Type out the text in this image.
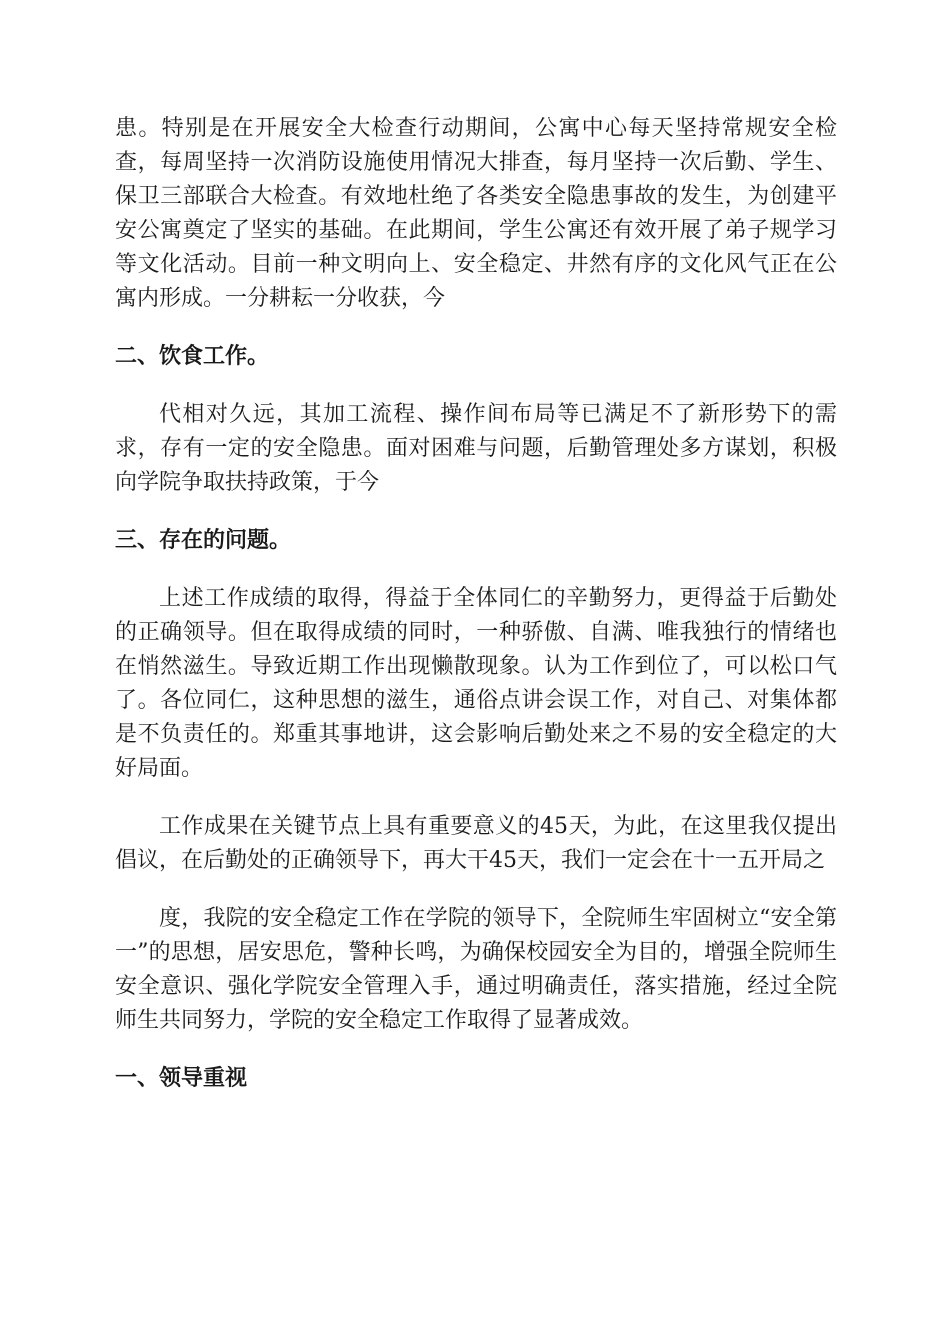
患。特别是在开展安全大检查行动期间，公寓中心每天坚持常规安全检查，每周坚持一次消防设施使用情况大排查，每月坚持一次后勤、学生、保卫三部联合大检查。有效地杜绝了各类安全隐患事故的发生，为创建平安公寓奠定了坚实的基础。在此期间，学生公寓还有效开展了弟子规学习等文化活动。目前一种文明向上、安全稳定、井然有序的文化风气正在公寓内形成。一分耕耘一分收获，今

二、饮食工作。

代相对久远，其加工流程、操作间布局等已满足不了新形势下的需求，存有一定的安全隐患。面对困难与问题，后勤管理处多方谋划，积极向学院争取扶持政策，于今

三、存在的问题。

上述工作成绩的取得，得益于全体同仁的辛勤努力，更得益于后勤处的正确领导。但在取得成绩的同时，一种骄傲、自满、唯我独行的情绪也在悄然滋生。导致近期工作出现懒散现象。认为工作到位了，可以松口气了。各位同仁，这种思想的滋生，通俗点讲会误工作，对自己、对集体都是不负责任的。郑重其事地讲，这会影响后勤处来之不易的安全稳定的大好局面。

工作成果在关键节点上具有重要意义的45天，为此，在这里我仅提出倡议，在后勤处的正确领导下，再大干45天，我们一定会在十一五开局之

度，我院的安全稳定工作在学院的领导下，全院师生牢固树立“安全第一”的思想，居安思危，警种长鸣，为确保校园安全为目的，增强全院师生安全意识、强化学院安全管理入手，通过明确责任，落实措施，经过全院师生共同努力，学院的安全稳定工作取得了显著成效。

一、领导重视
